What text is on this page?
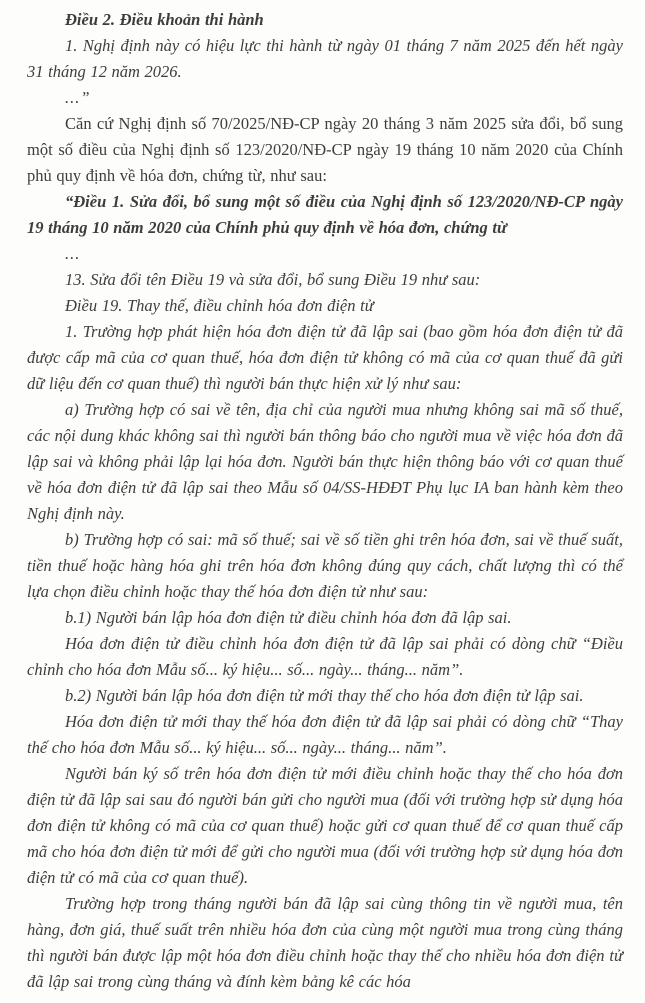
Điều 2. Điều khoản thi hành

1. Nghị định này có hiệu lực thi hành từ ngày 01 tháng 7 năm 2025 đến hết ngày 31 tháng 12 năm 2026.

...”

Căn cứ Nghị định số 70/2025/NĐ-CP ngày 20 tháng 3 năm 2025 sửa đổi, bổ sung một số điều của Nghị định số 123/2020/NĐ-CP ngày 19 tháng 10 năm 2020 của Chính phủ quy định về hóa đơn, chứng từ, như sau:

“Điều 1. Sửa đổi, bổ sung một số điều của Nghị định số 123/2020/NĐ-CP ngày 19 tháng 10 năm 2020 của Chính phủ quy định về hóa đơn, chứng từ

...

13. Sửa đổi tên Điều 19 và sửa đổi, bổ sung Điều 19 như sau:

Điều 19. Thay thế, điều chỉnh hóa đơn điện tử

1. Trường hợp phát hiện hóa đơn điện tử đã lập sai (bao gồm hóa đơn điện tử đã được cấp mã của cơ quan thuế, hóa đơn điện tử không có mã của cơ quan thuế đã gửi dữ liệu đến cơ quan thuế) thì người bán thực hiện xử lý như sau:

a) Trường hợp có sai về tên, địa chỉ của người mua nhưng không sai mã số thuế, các nội dung khác không sai thì người bán thông báo cho người mua về việc hóa đơn đã lập sai và không phải lập lại hóa đơn. Người bán thực hiện thông báo với cơ quan thuế về hóa đơn điện tử đã lập sai theo Mẫu số 04/SS-HĐĐT Phụ lục IA ban hành kèm theo Nghị định này.

b) Trường hợp có sai: mã số thuế; sai về số tiền ghi trên hóa đơn, sai về thuế suất, tiền thuế hoặc hàng hóa ghi trên hóa đơn không đúng quy cách, chất lượng thì có thể lựa chọn điều chỉnh hoặc thay thế hóa đơn điện tử như sau:

b.1) Người bán lập hóa đơn điện tử điều chỉnh hóa đơn đã lập sai.

Hóa đơn điện tử điều chỉnh hóa đơn điện tử đã lập sai phải có dòng chữ “Điều chỉnh cho hóa đơn Mẫu số... ký hiệu... số... ngày... tháng... năm”.

b.2) Người bán lập hóa đơn điện tử mới thay thế cho hóa đơn điện tử lập sai.

Hóa đơn điện tử mới thay thế hóa đơn điện tử đã lập sai phải có dòng chữ “Thay thế cho hóa đơn Mẫu số... ký hiệu... số... ngày... tháng... năm”.

Người bán ký số trên hóa đơn điện tử mới điều chỉnh hoặc thay thế cho hóa đơn điện tử đã lập sai sau đó người bán gửi cho người mua (đối với trường hợp sử dụng hóa đơn điện tử không có mã của cơ quan thuế) hoặc gửi cơ quan thuế để cơ quan thuế cấp mã cho hóa đơn điện tử mới để gửi cho người mua (đối với trường hợp sử dụng hóa đơn điện tử có mã của cơ quan thuế).

Trường hợp trong tháng người bán đã lập sai cùng thông tin về người mua, tên hàng, đơn giá, thuế suất trên nhiều hóa đơn của cùng một người mua trong cùng tháng thì người bán được lập một hóa đơn điều chỉnh hoặc thay thế cho nhiều hóa đơn điện tử đã lập sai trong cùng tháng và đính kèm bảng kê các hóa
